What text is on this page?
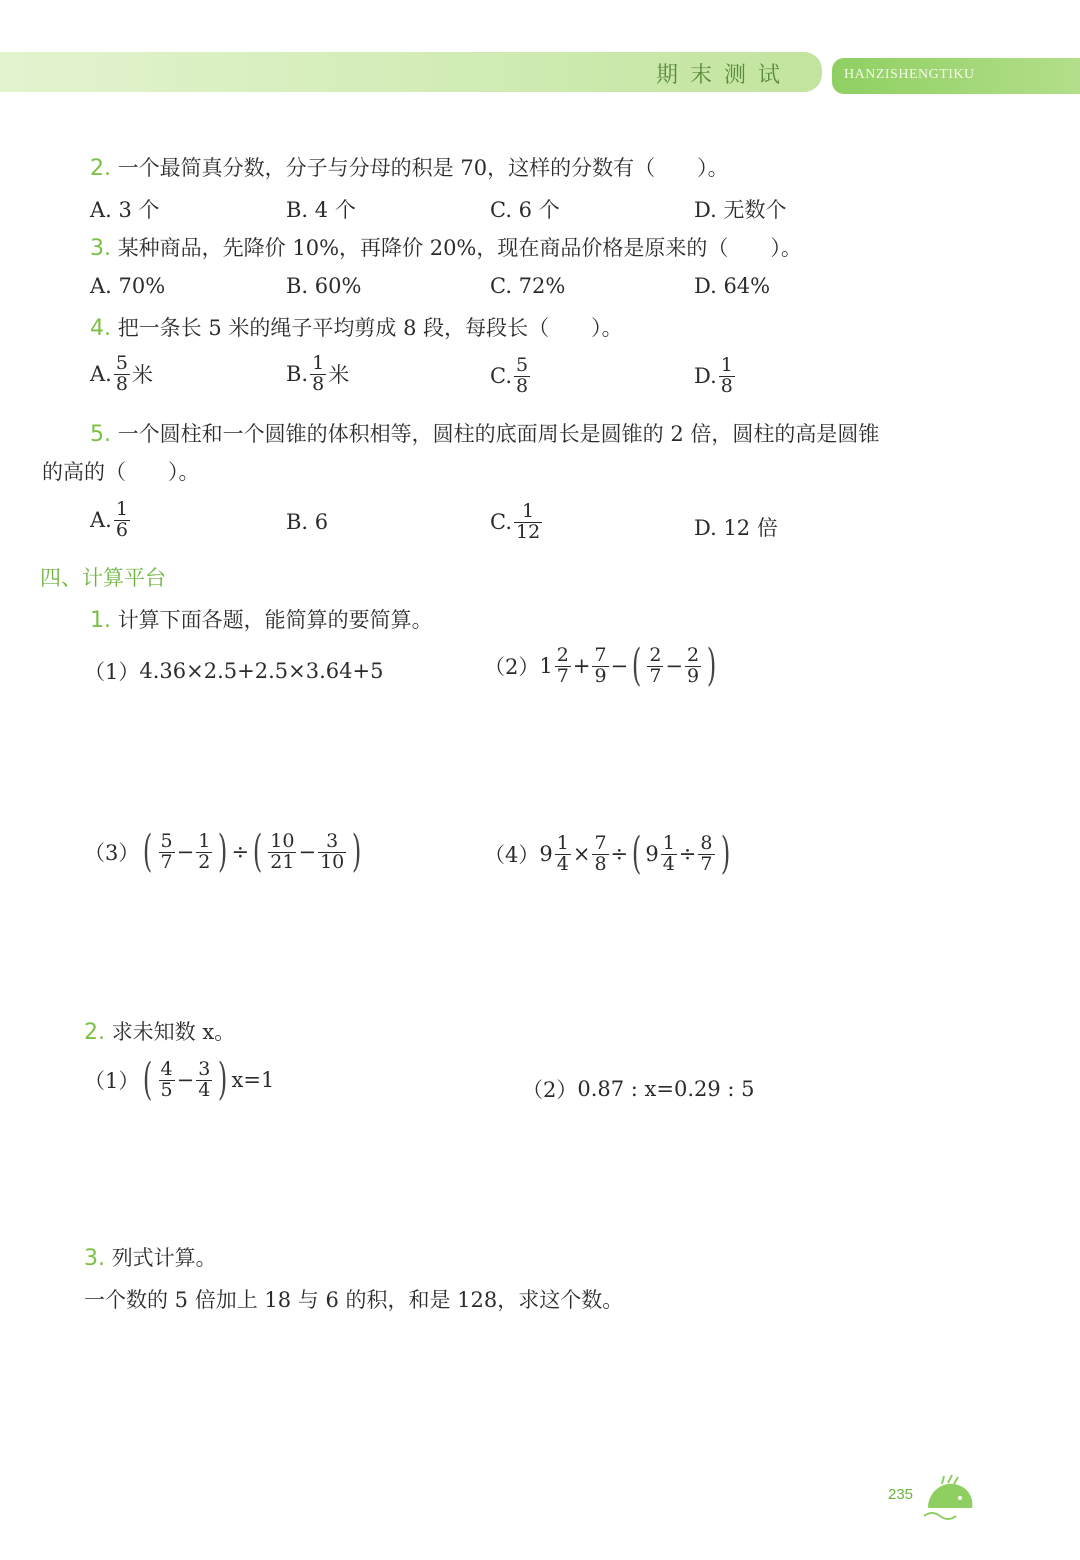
期末测试	HANZISHENGTIKU
2. 一个最简真分数，分子与分母的积是 70，这样的分数有（　　）。
A. 3 个	B. 4 个	C. 6 个	D. 无数个
3. 某种商品，先降价 10%，再降价 20%，现在商品价格是原来的（　　）。
A. 70%	B. 60%	C. 72%	D. 64%
4. 把一条长 5 米的绳子平均剪成 8 段，每段长（　　）。
A. $\frac{5}{8}$ 米	B. $\frac{1}{8}$ 米	C. $\frac{5}{8}$	D. $\frac{1}{8}$
5. 一个圆柱和一个圆锥的体积相等，圆柱的底面周长是圆锥的 2 倍，圆柱的高是圆锥
的高的（　　）。
A. $\frac{1}{6}$	B. 6	C. $\frac{1}{12}$	D. 12 倍
四、计算平台
1. 计算下面各题，能简算的要简算。
（1） 4.36×2.5+2.5×3.64+5	（2） $1 \frac{2}{7} + \frac{7}{9}$ − ( $\frac{2}{7} - \frac{2}{9}$ )
（3） ( $\frac{5}{7} - \frac{1}{2}$ ) ÷ ( $\frac{10}{21} - \frac{3}{10}$ )	（4） $9 \frac{1}{4} \times \frac{7}{8}$ ÷ ( $9 \frac{1}{4} \div \frac{8}{7}$ )
2. 求未知数 x。
（1） ( $\frac{4}{5} - \frac{3}{4}$ ) x=1	（2） 0.87 : x=0.29 : 5
3. 列式计算。
一个数的 5 倍加上 18 与 6 的积，和是 128，求这个数。
235
